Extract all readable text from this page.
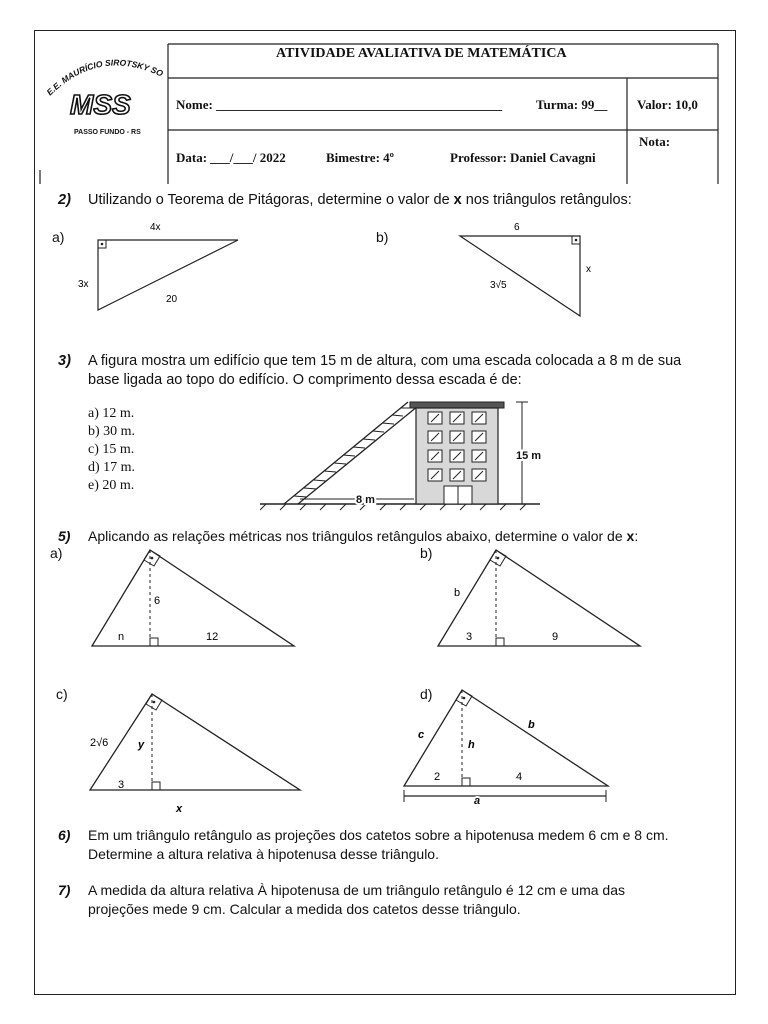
E.E. MAURÍCIO SIROTSKY SO
MSS
PASSO FUNDO - RS
ATIVIDADE AVALIATIVA DE MATEMÁTICA
Nome: ____________________________________________	Turma: 99__ Valor: 10,0
Data: ___/___/ 2022	Bimestre: 4º	Professor: Daniel Cavagni
Nota:
2) Utilizando o Teorema de Pitágoras, determine o valor de x nos triângulos retângulos:
a)
4x
3x
20
b)
6
3√5
x
3) A figura mostra um edifício que tem 15 m de altura, com uma escada colocada a 8 m de sua
base ligada ao topo do edifício. O comprimento dessa escada é de:
a) 12 m.
b) 30 m.
c) 15 m.
d) 17 m.
e) 20 m.
15 m
8 m
5) Aplicando as relações métricas nos triângulos retângulos abaixo, determine o valor de x:
a)
6
n	12
b)
b
3	9
c)
2√6	y
3
x
d)
c
b
h
2	4
a
6) Em um triângulo retângulo as projeções dos catetos sobre a hipotenusa medem 6 cm e 8 cm.
Determine a altura relativa à hipotenusa desse triângulo.
7) A medida da altura relativa À hipotenusa de um triângulo retângulo é 12 cm e uma das
projeções mede 9 cm. Calcular a medida dos catetos desse triângulo.
